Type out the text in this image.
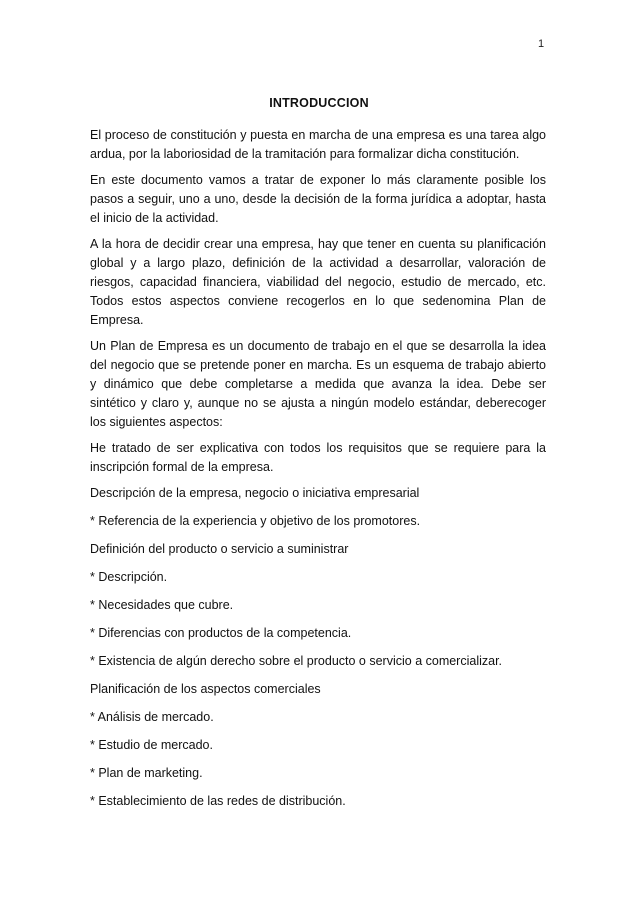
1
INTRODUCCION

El proceso de constitución y puesta en marcha de una empresa es una tarea algo ardua, por la laboriosidad de la tramitación para formalizar dicha constitución.

En este documento vamos a tratar de exponer lo más claramente posible los pasos a seguir, uno a uno, desde la decisión de la forma jurídica a adoptar, hasta el inicio de la actividad.

A la hora de decidir crear una empresa, hay que tener en cuenta su planificación global y a largo plazo, definición de la actividad a desarrollar, valoración de riesgos, capacidad financiera, viabilidad del negocio, estudio de mercado, etc. Todos estos aspectos conviene recogerlos en lo que sedenomina Plan de Empresa.

Un Plan de Empresa es un documento de trabajo en el que se desarrolla la idea del negocio que se pretende poner en marcha. Es un esquema de trabajo abierto y dinámico que debe completarse a medida que avanza la idea. Debe ser sintético y claro y, aunque no se ajusta a ningún modelo estándar, deberecoger los siguientes aspectos:

He tratado de ser explicativa con todos los requisitos que se requiere para la inscripción formal de la empresa.

Descripción de la empresa, negocio o iniciativa empresarial

* Referencia de la experiencia y objetivo de los promotores.

Definición del producto o servicio a suministrar

* Descripción.

* Necesidades que cubre.

* Diferencias con productos de la competencia.

* Existencia de algún derecho sobre el producto o servicio a comercializar.

Planificación de los aspectos comerciales

* Análisis de mercado.

* Estudio de mercado.

* Plan de marketing.

* Establecimiento de las redes de distribución.
